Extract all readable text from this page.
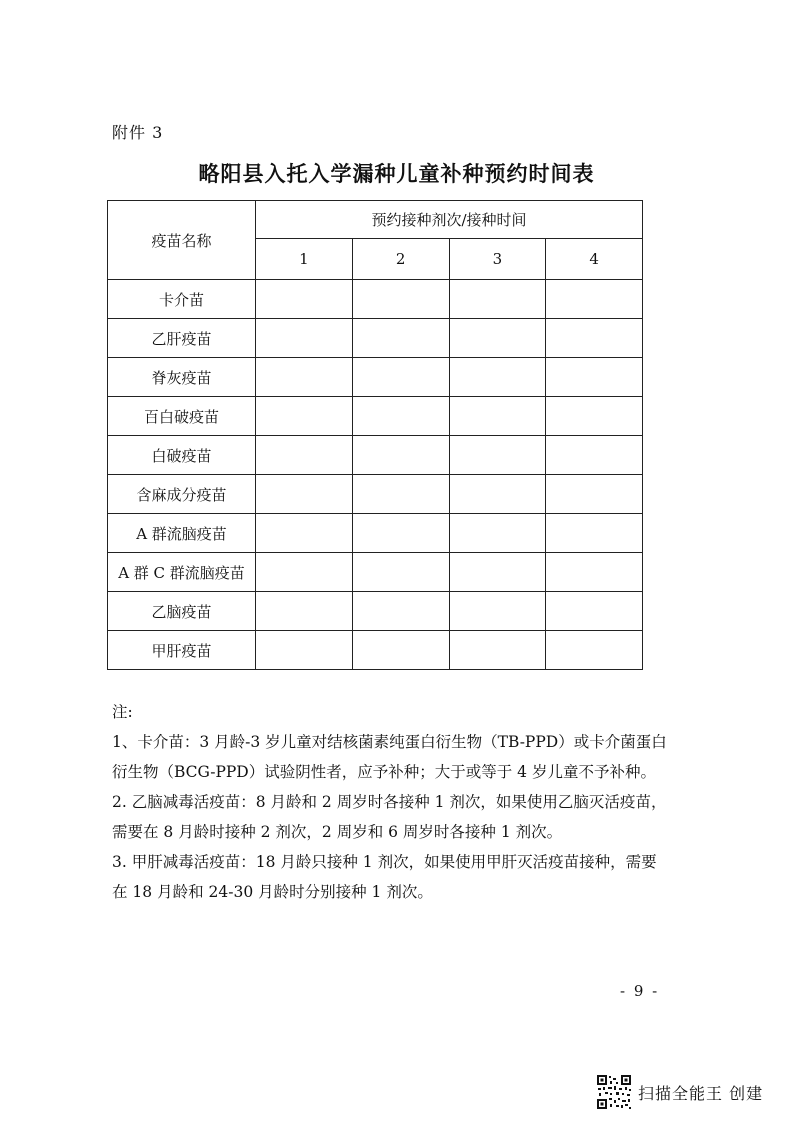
附件 3
略阳县入托入学漏种儿童补种预约时间表
疫苗名称	预约接种剂次/接种时间			
	1	2	3	4
卡介苗				
乙肝疫苗				
脊灰疫苗				
百白破疫苗				
白破疫苗				
含麻成分疫苗				
A 群流脑疫苗				
A 群 C 群流脑疫苗				
乙脑疫苗				
甲肝疫苗				

注:

1、卡介苗：3 月龄-3 岁儿童对结核菌素纯蛋白衍生物（TB-PPD）或卡介菌蛋白衍生物（BCG-PPD）试验阴性者，应予补种；大于或等于 4 岁儿童不予补种。

2. 乙脑减毒活疫苗：8 月龄和 2 周岁时各接种 1 剂次，如果使用乙脑灭活疫苗，需要在 8 月龄时接种 2 剂次，2 周岁和 6 周岁时各接种 1 剂次。

3. 甲肝减毒活疫苗：18 月龄只接种 1 剂次，如果使用甲肝灭活疫苗接种，需要在 18 月龄和 24-30 月龄时分别接种 1 剂次。

- 9 -
扫描全能王 创建
